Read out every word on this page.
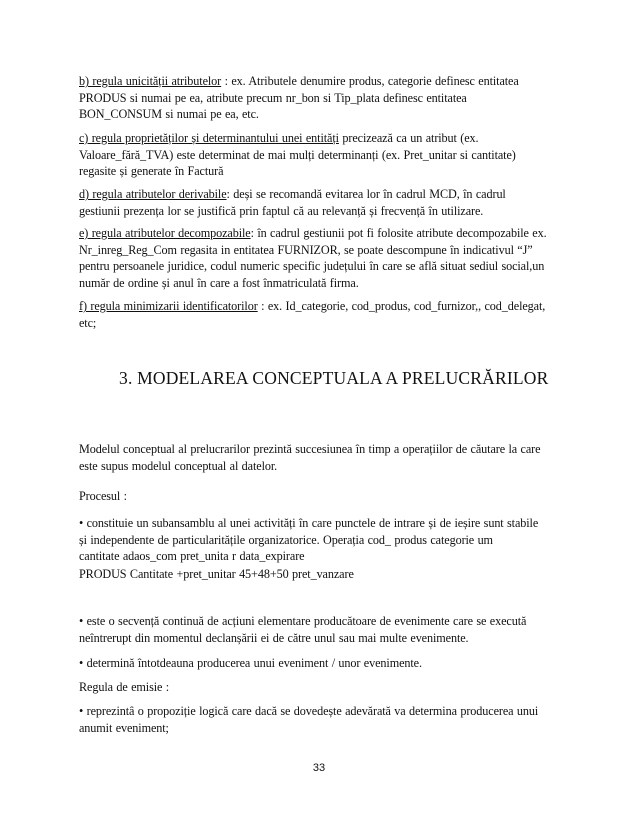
b) regula unicității atributelor : ex. Atributele denumire produs, categorie definesc entitatea
PRODUS si numai pe ea, atribute precum nr_bon si Tip_plata definesc entitatea
BON_CONSUM si numai pe ea, etc.
c) regula proprietăților și determinantului unei entități precizează ca un atribut (ex.
Valoare_fără_TVA) este determinat de mai mulți determinanți (ex. Pret_unitar si cantitate)
regasite și generate în Factură
d) regula atributelor derivabile: deși se recomandă evitarea lor în cadrul MCD, în cadrul
gestiunii prezența lor se justifică prin faptul că au relevanță și frecvență în utilizare.
e) regula atributelor decompozabile: în cadrul gestiunii pot fi folosite atribute decompozabile ex.
Nr_inreg_Reg_Com regasita in entitatea FURNIZOR, se poate descompune în indicativul “J”
pentru persoanele juridice, codul numeric specific județului în care se află situat sediul social,un
număr de ordine și anul în care a fost înmatriculată firma.
f) regula minimizarii identificatorilor : ex. Id_categorie, cod_produs, cod_furnizor,, cod_delegat,
etc;
3. MODELAREA CONCEPTUALA A PRELUCRĂRILOR
Modelul conceptual al prelucrarilor prezintă succesiunea în timp a operațiilor de căutare la care
este supus modelul conceptual al datelor.
Procesul :
• constituie un subansamblu al unei activități în care punctele de intrare și de ieșire sunt stabile
și independente de particularitățile organizatorice. Operația cod_ produs categorie um
cantitate adaos_com pret_unita r data_expirare
PRODUS Cantitate +pret_unitar 45+48+50 pret_vanzare
• este o secvență continuă de acțiuni elementare producătoare de evenimente care se execută
neîntrerupt din momentul declanșării ei de către unul sau mai multe evenimente.
• determină întotdeauna producerea unui eveniment / unor evenimente.
Regula de emisie :
• reprezintâ o propoziție logică care dacă se dovedește adevărată va determina producerea unui
anumit eveniment;
33
